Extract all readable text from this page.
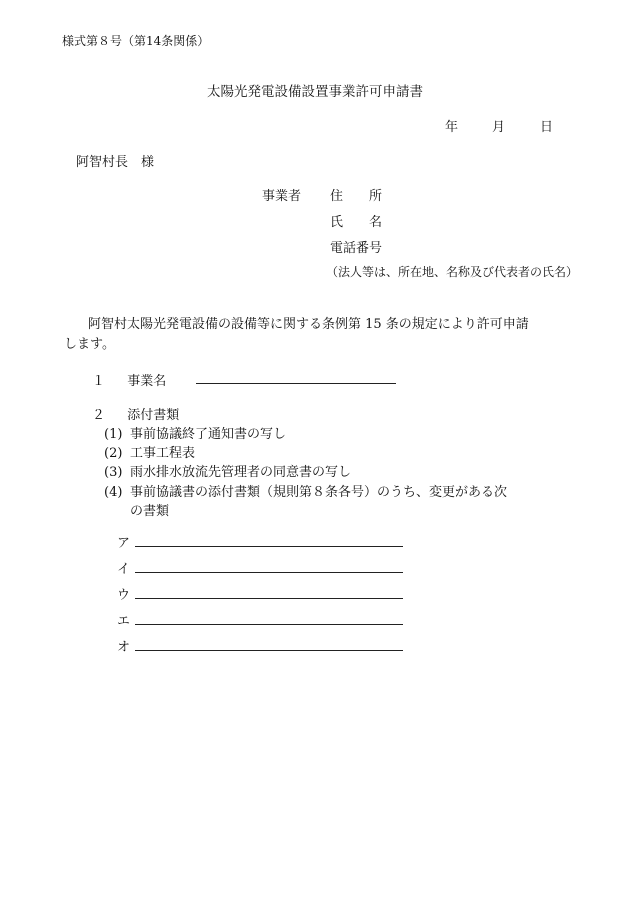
様式第８号（第14条関係）
太陽光発電設備設置事業許可申請書
年	月	日
阿智村長　様
事業者 住　　所
氏　　名
電話番号
（法人等は、所在地、名称及び代表者の氏名）
阿智村太陽光発電設備の設備等に関する条例第 15 条の規定により許可申請
します。
１ 事業名
２ 添付書類
(1) 事前協議終了通知書の写し
(2) 工事工程表
(3) 雨水排水放流先管理者の同意書の写し
(4) 事前協議書の添付書類（規則第８条各号）のうち、変更がある次
の書類
ア
イ
ウ
エ
オ
